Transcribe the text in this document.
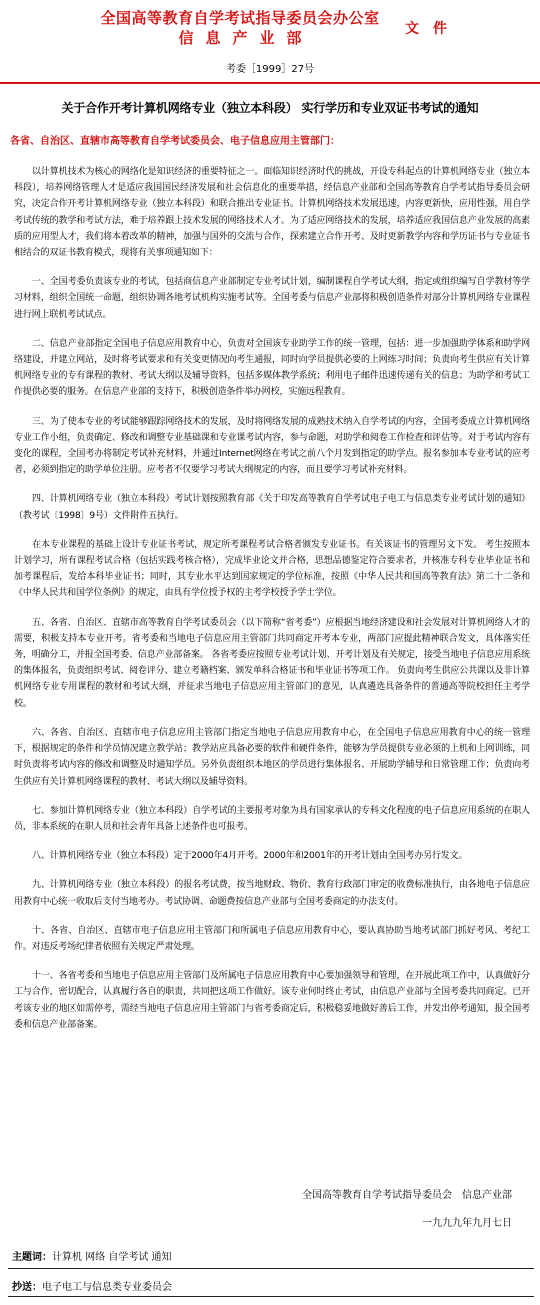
全国高等教育自学考试指导委员会办公室
信息产业部	文件
考委［1999］27号
关于合作开考计算机网络专业（独立本科段） 实行学历和专业双证书考试的通知
各省、自治区、直辖市高等教育自学考试委员会、电子信息应用主管部门：

以计算机技术为核心的网络化是知识经济的重要特征之一。面临知识经济时代的挑战，开设专科起点的计算机网络专业（独立本科段），培养网络管理人才是适应我国国民经济发展和社会信息化的重要举措，经信息产业部和全国高等教育自学考试指导委员会研究，决定合作开考计算机网络专业（独立本科段）和联合推出专业证书。计算机网络技术发展迅速，内容更新快，应用性强，用自学考试传统的教学和考试方法，难于培养跟上技术发展的网络技术人才。为了适应网络技术的发展，培养适应我国信息产业发展的高素质的应用型人才，我们将本着改革的精神，加强与国外的交流与合作，探索建立合作开考、及时更新教学内容和学历证书与专业证书相结合的双证书教育模式，现将有关事项通知如下：

一、全国考委负责该专业的考试，包括商信息产业部制定专业考试计划，编制课程自学考试大纲，指定或组织编写自学教材等学习材料，组织全国统一命题，组织协调各地考试机构实施考试等。全国考委与信息产业部将积极创造条件对部分计算机网络专业课程进行网上联机考试试点。

二、信息产业部指定全国电子信息应用教育中心，负责对全国该专业助学工作的统一管理，包括：进一步加强助学体系和助学网络建设，并建立网站，及时将考试要求和有关变更情况向考生通报，同时向学员提供必要的上网练习时间；负责向考生供应有关计算机网络专业的专有课程的教材、考试大纲以及辅导资料，包括多媒体教学系统；利用电子邮件迅速传递有关的信息；为助学和考试工作提供必要的服务。在信息产业部的支持下，积极创造条件举办网校，实施远程教育。

三、为了使本专业的考试能够跟踪网络技术的发展，及时将网络发展的成熟技术纳入自学考试的内容，全国考委成立计算机网络专业工作小组，负责确定、修改和调整专业基础课和专业课考试内容，参与命题，对助学和阅卷工作检查和评估等。对于考试内容有变化的课程，全国考办将制定考试补充材料，并通过Internet网络在考试之前八个月发到指定的助学点。报名参加本专业考试的应考者，必须到指定的助学单位注册。应考者不仅要学习考试大纲规定的内容，而且要学习考试补充材料。

四、计算机网络专业（独立本科段）考试计划按照教育部《关于印发高等教育自学考试电子电工与信息类专业考试计划的通知》（教考试〔1998〕9号）文件附件五执行。

在本专业课程的基础上设计专业证书考试，规定所考课程考试合格者颁发专业证书。有关该证书的管理另文下发。 考生按照本计划学习，所有课程考试合格（包括实践考核合格），完成毕业论文并合格，思想品德鉴定符合要求者，并核准专科专业毕业证书和加考课程后，发给本科毕业证书；同时，其专业水平达到国家规定的学位标准，按照《中华人民共和国高等教育法》第二十二条和《中华人民共和国学位条例》的规定，由具有学位授予权的主考学校授予学士学位。

五、各省、自治区、直辖市高等教育自学考试委员会（以下简称“省考委”）应根据当地经济建设和社会发展对计算机网络人才的需要，积极支持本专业开考。省考委和当地电子信息应用主管部门共同商定开考本专业，两部门应提此精神联合发文，具体落实任务，明确分工，并报全国考委、信息产业部备案。 各省考委应按照专业考试计划、开考计划及有关规定，接受当地电子信息应用系统的集体报名，负责组织考试、阅卷评分、建立考籍档案、颁发单科合格证书和毕业证书等项工作。 负责向考生供应公共课以及非计算机网络专业专用课程的教材和考试大纲，并征求当地电子信息应用主管部门的意见，认真遴选具备条件的普通高等院校担任主考学校。

六、各省、自治区、直辖市电子信息应用主管部门指定当地电子信息应用教育中心，在全国电子信息应用教育中心的统一管理下，根据规定的条件和学员情况建立教学站；教学站应具备必要的软件和硬件条件，能够为学员提供专业必须的上机和上网训练，同时负责将考试内容的修改和调整及时通知学员。另外负责组织本地区的学员进行集体报名、开展助学辅导和日常管理工作；负责向考生供应有关计算机网络课程的教材、考试大纲以及辅导资料。

七、参加计算机网络专业（独立本科段）自学考试的主要报考对象为具有国家承认的专科文化程度的电子信息应用系统的在职人员，非本系统的在职人员和社会青年具备上述条件也可报考。

八、计算机网络专业（独立本科段）定于2000年4月开考。2000年和2001年的开考计划由全国考办另行发文。

九、计算机网络专业（独立本科段）的报名考试费，按当地财政、物价、教育行政部门审定的收费标准执行，由各地电子信息应用教育中心统一收取后支付当地考办。考试协调、命题费按信息产业部与全国考委商定的办法支付。

十、各省、自治区、直辖市电子信息应用主管部门和所属电子信息应用教育中心，要认真协助当地考试部门抓好考风、考纪工作。对违反考场纪律者依照有关规定严肃处理。

十一、各省考委和当地电子信息应用主管部门及所属电子信息应用教育中心要加强领导和管理，在开展此项工作中，认真做好分工与合作，密切配合，认真履行各自的职责，共同把这项工作做好。该专业何时终止考试，由信息产业部与全国考委共同商定。已开考该专业的地区如需停考，需经当地电子信息应用主管部门与省考委商定后，积极稳妥地做好善后工作，并发出停考通知，报全国考委和信息产业部备案。

全国高等教育自学考试指导委员会　信息产业部
一九九九年九月七日
主题词：计算机 网络 自学考试 通知
抄送：电子电工与信息类专业委员会
